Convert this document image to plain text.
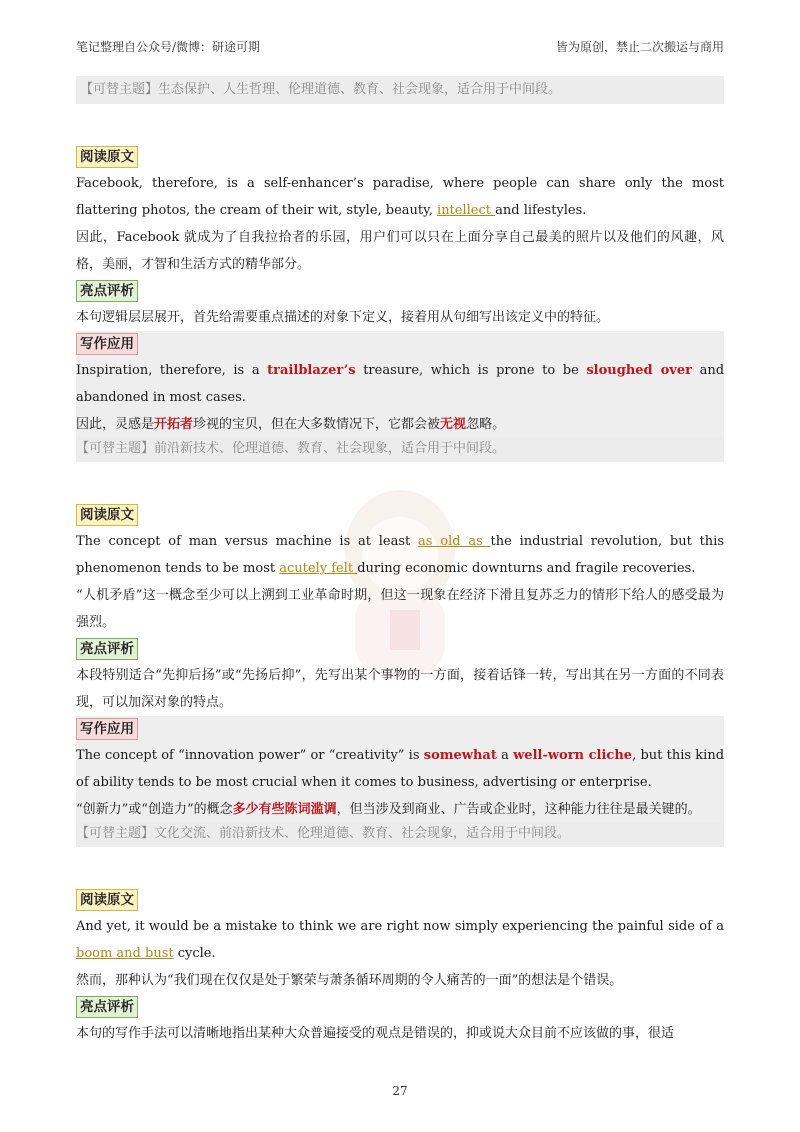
笔记整理自公众号/微博：研途可期	皆为原创，禁止二次搬运与商用
【可替主题】生态保护、人生哲理、伦理道德、教育、社会现象，适合用于中间段。
阅读原文

Facebook, therefore, is a self-enhancer’s paradise, where people can share only the most flattering photos, the cream of their wit, style, beauty, intellect and lifestyles.

因此，Facebook 就成为了自我拉拾者的乐园，用户们可以只在上面分享自己最美的照片以及他们的风趣，风格，美丽，才智和生活方式的精华部分。

亮点评析

本句逻辑层层展开，首先给需要重点描述的对象下定义，接着用从句细写出该定义中的特征。

写作应用

Inspiration, therefore, is a trailblazer’s treasure, which is prone to be sloughed over and abandoned in most cases.

因此，灵感是开拓者珍视的宝贝，但在大多数情况下，它都会被无视忽略。

【可替主题】前沿新技术、伦理道德、教育、社会现象，适合用于中间段。
阅读原文

The concept of man versus machine is at least as old as the industrial revolution, but this phenomenon tends to be most acutely felt during economic downturns and fragile recoveries.

“人机矛盾”这一概念至少可以上溯到工业革命时期，但这一现象在经济下滑且复苏乏力的情形下给人的感受最为强烈。

亮点评析

本段特别适合“先抑后扬”或“先扬后抑”，先写出某个事物的一方面，接着话锋一转，写出其在另一方面的不同表现，可以加深对象的特点。

写作应用

The concept of “innovation power” or “creativity” is somewhat a well-worn cliche, but this kind of ability tends to be most crucial when it comes to business, advertising or enterprise.

“创新力”或“创造力”的概念多少有些陈词滥调，但当涉及到商业、广告或企业时，这种能力往往是最关键的。

【可替主题】文化交流、前沿新技术、伦理道德、教育、社会现象，适合用于中间段。
阅读原文

And yet, it would be a mistake to think we are right now simply experiencing the painful side of a boom and bust cycle.

然而，那种认为“我们现在仅仅是处于繁荣与萧条循环周期的令人痛苦的一面”的想法是个错误。

亮点评析

本句的写作手法可以清晰地指出某种大众普遍接受的观点是错误的，抑或说大众目前不应该做的事，很适

27
